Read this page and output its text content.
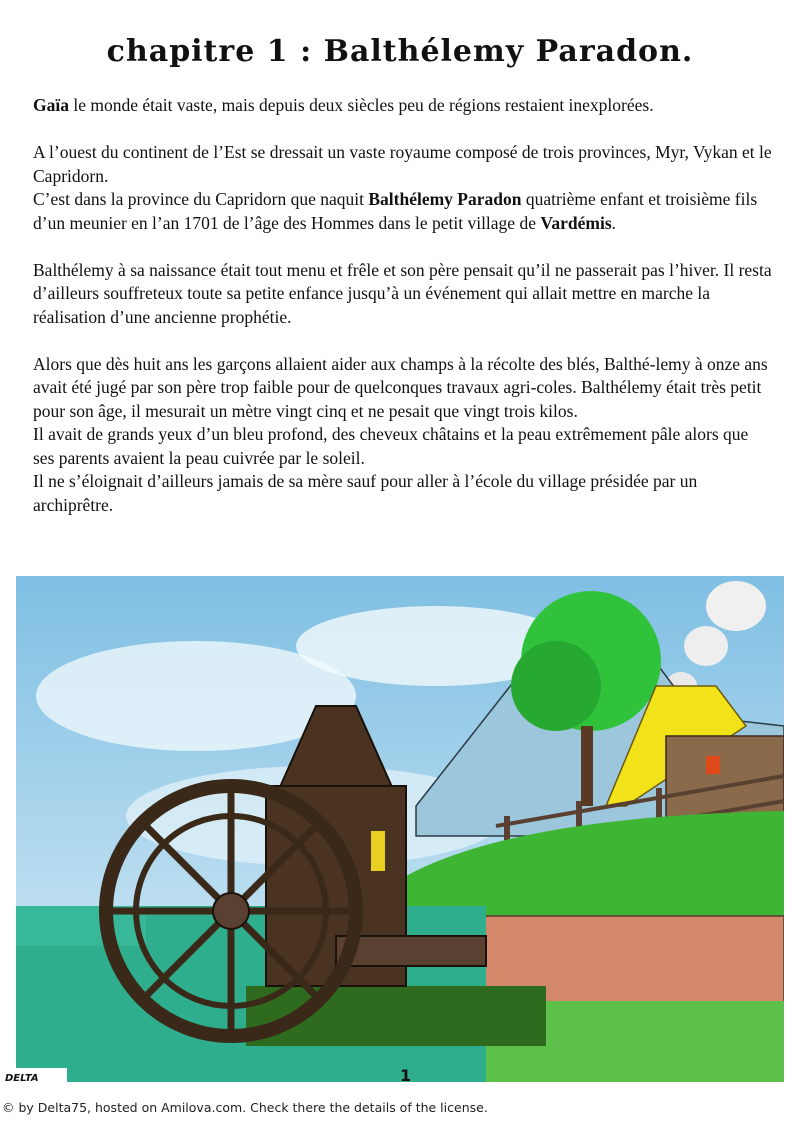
chapitre 1 : Balthélemy Paradon.

Gaïa le monde était vaste, mais depuis deux siècles peu de régions restaient inexplorées.

A l’ouest du continent de l’Est se dressait un vaste royaume composé de trois provinces, Myr, Vykan et le Capridorn.

C’est dans la province du Capridorn que naquit Balthélemy Paradon quatrième enfant et troisième fils d’un meunier en l’an 1701 de l’âge des Hommes dans le petit village de Vardémis.

Balthélemy à sa naissance était tout menu et frêle et son père pensait qu’il ne passerait pas l’hiver. Il resta d’ailleurs souffreteux toute sa petite enfance jusqu’à un événement qui allait mettre en marche la réalisation d’une ancienne prophétie.

Alors que dès huit ans les garçons allaient aider aux champs à la récolte des blés, Balthé-lemy à onze ans avait été jugé par son père trop faible pour de quelconques travaux agri-coles. Balthélemy était très petit pour son âge, il mesurait un mètre vingt cinq et ne pesait que vingt trois kilos.

Il avait de grands yeux d’un bleu profond, des cheveux châtains et la peau extrêmement pâle alors que ses parents avaient la peau cuivrée par le soleil.

Il ne s’éloignait d’ailleurs jamais de sa mère sauf pour aller à l’école du village présidée par un archiprêtre.

DELTA	1
© by Delta75, hosted on Amilova.com. Check there the details of the license.
